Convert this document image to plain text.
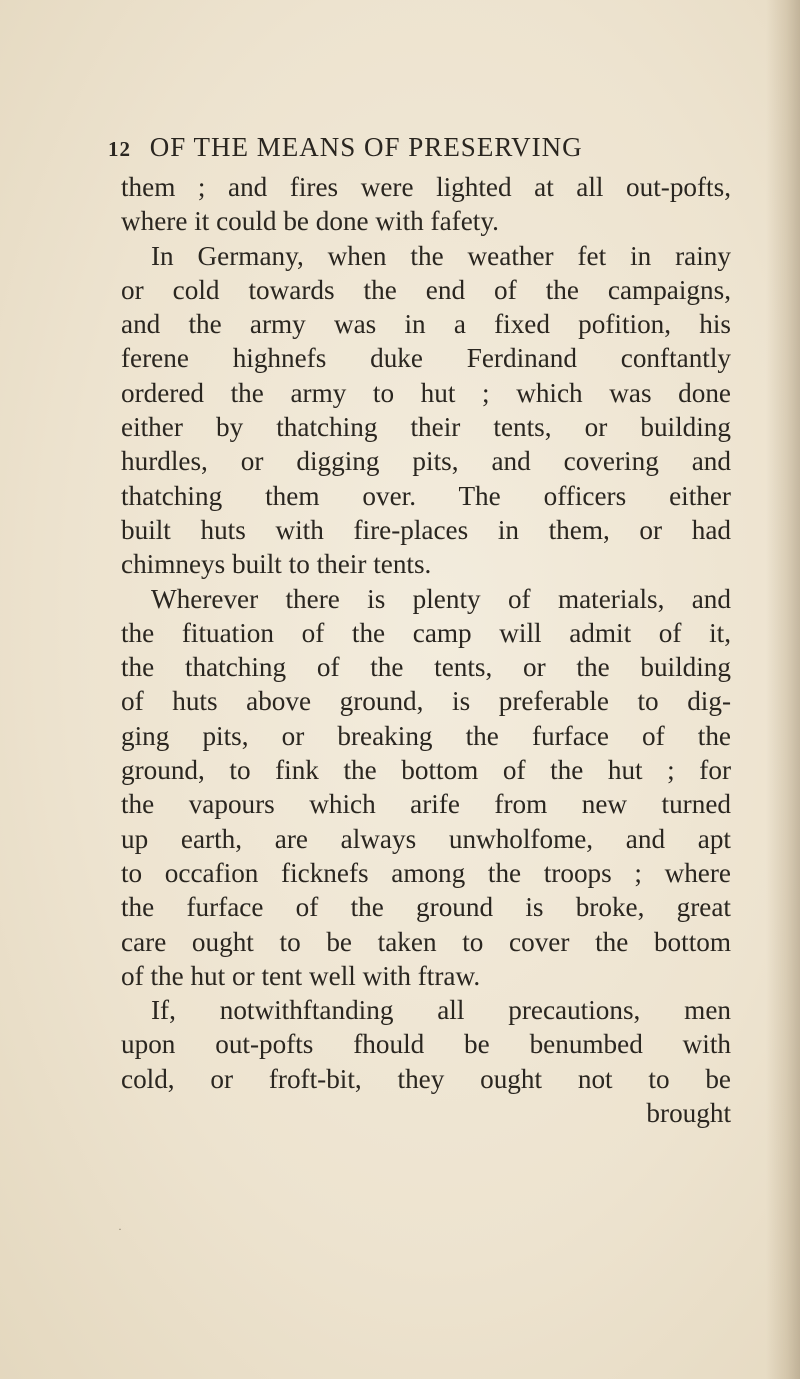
12 OF THE MEANS OF PRESERVING
them ; and fires were lighted at all out-pofts,
where it could be done with fafety.
In Germany, when the weather fet in rainy
or cold towards the end of the campaigns,
and the army was in a fixed pofition, his
ferene highnefs duke Ferdinand conftantly
ordered the army to hut ; which was done
either by thatching their tents, or building
hurdles, or digging pits, and covering and
thatching them over. The officers either
built huts with fire-places in them, or had
chimneys built to their tents.
Wherever there is plenty of materials, and
the fituation of the camp will admit of it,
the thatching of the tents, or the building
of huts above ground, is preferable to dig-
ging pits, or breaking the furface of the
ground, to fink the bottom of the hut ; for
the vapours which arife from new turned
up earth, are always unwholfome, and apt
to occafion ficknefs among the troops ; where
the furface of the ground is broke, great
care ought to be taken to cover the bottom
of the hut or tent well with ftraw.
If, notwithftanding all precautions, men
upon out-pofts fhould be benumbed with
cold, or froft-bit, they ought not to be
brought
·
